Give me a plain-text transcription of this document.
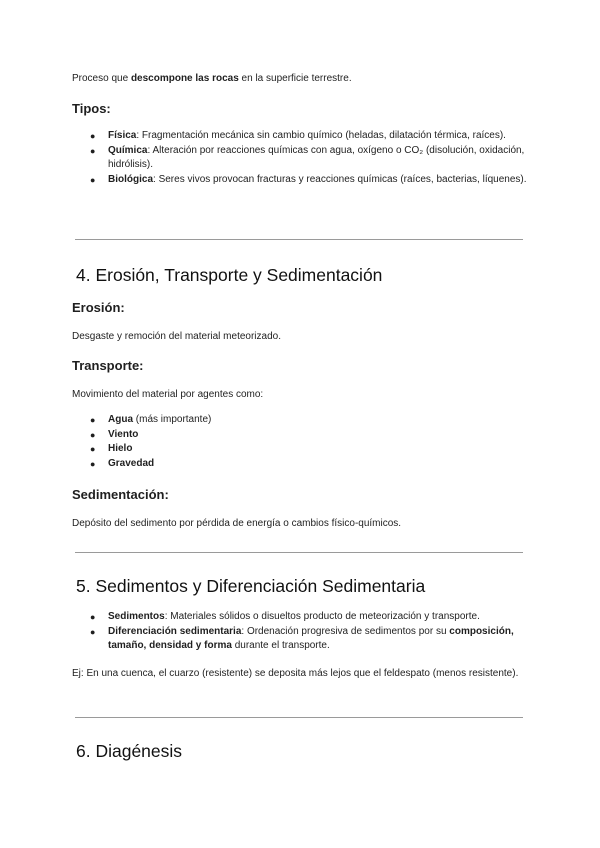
Proceso que descompone las rocas en la superficie terrestre.
Tipos:
● Física: Fragmentación mecánica sin cambio químico (heladas, dilatación térmica, raíces).
● Química: Alteración por reacciones químicas con agua, oxígeno o CO₂ (disolución, oxidación, hidrólisis).
● Biológica: Seres vivos provocan fracturas y reacciones químicas (raíces, bacterias, líquenes).
4. Erosión, Transporte y Sedimentación
Erosión:
Desgaste y remoción del material meteorizado.
Transporte:
Movimiento del material por agentes como:
● Agua (más importante)
● Viento
● Hielo
● Gravedad
Sedimentación:
Depósito del sedimento por pérdida de energía o cambios físico-químicos.
5. Sedimentos y Diferenciación Sedimentaria
● Sedimentos: Materiales sólidos o disueltos producto de meteorización y transporte.
● Diferenciación sedimentaria: Ordenación progresiva de sedimentos por su composición, tamaño, densidad y forma durante el transporte.
Ej: En una cuenca, el cuarzo (resistente) se deposita más lejos que el feldespato (menos resistente).
6. Diagénesis
